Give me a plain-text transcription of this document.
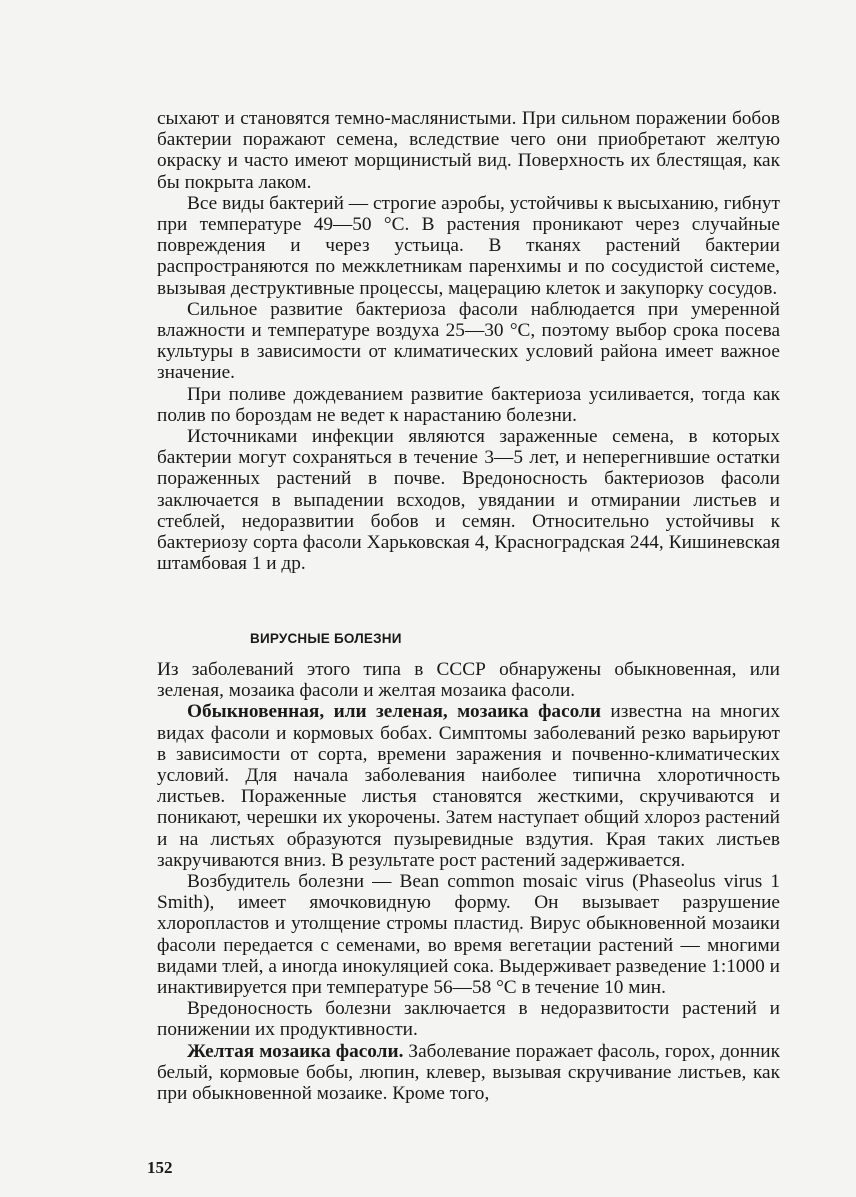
сыхают и становятся темно-маслянистыми. При сильном поражении бобов бактерии поражают семена, вследствие чего они приобретают желтую окраску и часто имеют морщинистый вид. Поверхность их блестящая, как бы покрыта лаком.

Все виды бактерий — строгие аэробы, устойчивы к высыханию, гибнут при температуре 49—50 °С. В растения проникают через случайные повреждения и через устьица. В тканях растений бактерии распространяются по межклетникам паренхимы и по сосудистой системе, вызывая деструктивные процессы, мацерацию клеток и закупорку сосудов.

Сильное развитие бактериоза фасоли наблюдается при умеренной влажности и температуре воздуха 25—30 °С, поэтому выбор срока посева культуры в зависимости от климатических условий района имеет важное значение.

При поливе дождеванием развитие бактериоза усиливается, тогда как полив по бороздам не ведет к нарастанию болезни.

Источниками инфекции являются зараженные семена, в которых бактерии могут сохраняться в течение 3—5 лет, и неперегнившие остатки пораженных растений в почве. Вредоносность бактериозов фасоли заключается в выпадении всходов, увядании и отмирании листьев и стеблей, недоразвитии бобов и семян. Относительно устойчивы к бактериозу сорта фасоли Харьковская 4, Красноградская 244, Кишиневская штамбовая 1 и др.

ВИРУСНЫЕ БОЛЕЗНИ

Из заболеваний этого типа в СССР обнаружены обыкновенная, или зеленая, мозаика фасоли и желтая мозаика фасоли.

Обыкновенная, или зеленая, мозаика фасоли известна на многих видах фасоли и кормовых бобах. Симптомы заболеваний резко варьируют в зависимости от сорта, времени заражения и почвенно-климатических условий. Для начала заболевания наиболее типична хлоротичность листьев. Пораженные листья становятся жесткими, скручиваются и поникают, черешки их укорочены. Затем наступает общий хлороз растений и на листьях образуются пузыревидные вздутия. Края таких листьев закручиваются вниз. В результате рост растений задерживается.

Возбудитель болезни — Bean common mosaic virus (Phaseolus virus 1 Smith), имеет ямочковидную форму. Он вызывает разрушение хлоропластов и утолщение стромы пластид. Вирус обыкновенной мозаики фасоли передается с семенами, во время вегетации растений — многими видами тлей, а иногда инокуляцией сока. Выдерживает разведение 1:1000 и инактивируется при температуре 56—58 °С в течение 10 мин.

Вредоносность болезни заключается в недоразвитости растений и понижении их продуктивности.

Желтая мозаика фасоли. Заболевание поражает фасоль, горох, донник белый, кормовые бобы, люпин, клевер, вызывая скручивание листьев, как при обыкновенной мозаике. Кроме того,

152
